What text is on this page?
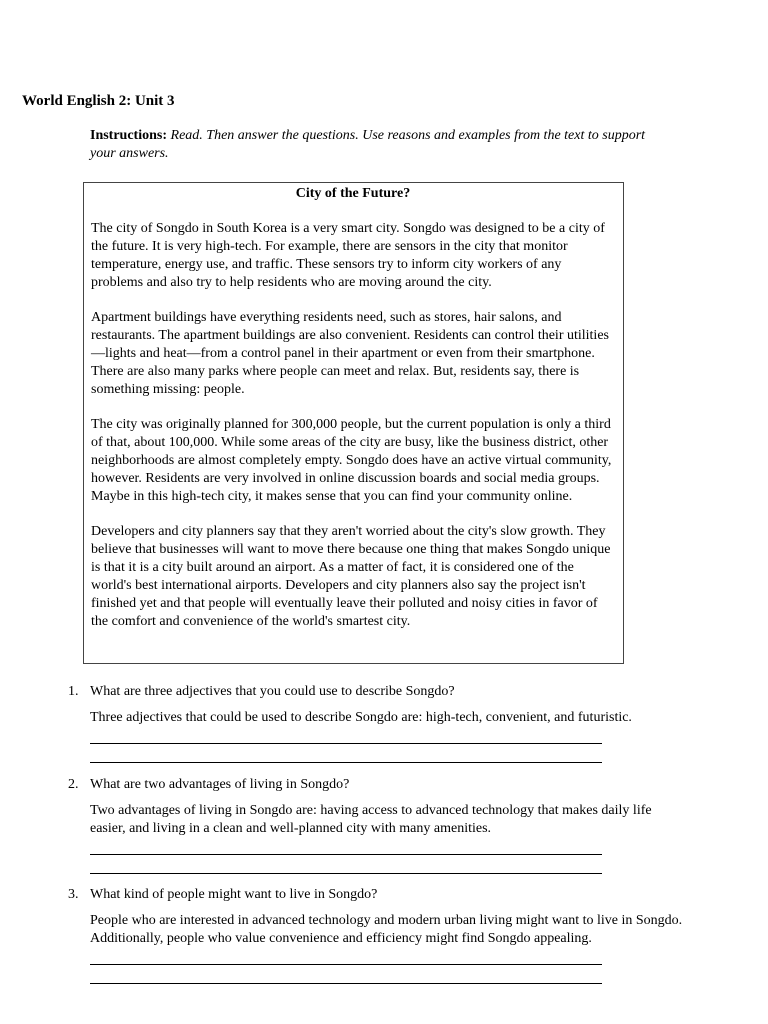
World English 2: Unit 3
Instructions: Read. Then answer the questions. Use reasons and examples from the text to support your answers.
City of the Future?

The city of Songdo in South Korea is a very smart city. Songdo was designed to be a city of the future. It is very high-tech. For example, there are sensors in the city that monitor temperature, energy use, and traffic. These sensors try to inform city workers of any problems and also try to help residents who are moving around the city.

Apartment buildings have everything residents need, such as stores, hair salons, and restaurants. The apartment buildings are also convenient. Residents can control their utilities—lights and heat—from a control panel in their apartment or even from their smartphone. There are also many parks where people can meet and relax. But, residents say, there is something missing: people.

The city was originally planned for 300,000 people, but the current population is only a third of that, about 100,000. While some areas of the city are busy, like the business district, other neighborhoods are almost completely empty. Songdo does have an active virtual community, however. Residents are very involved in online discussion boards and social media groups. Maybe in this high-tech city, it makes sense that you can find your community online.

Developers and city planners say that they aren't worried about the city's slow growth. They believe that businesses will want to move there because one thing that makes Songdo unique is that it is a city built around an airport. As a matter of fact, it is considered one of the world's best international airports. Developers and city planners also say the project isn't finished yet and that people will eventually leave their polluted and noisy cities in favor of the comfort and convenience of the world's smartest city.

1. What are three adjectives that you could use to describe Songdo?
Three adjectives that could be used to describe Songdo are: high-tech, convenient, and futuristic.
2. What are two advantages of living in Songdo?
Two advantages of living in Songdo are: having access to advanced technology that makes daily life easier, and living in a clean and well-planned city with many amenities.
3. What kind of people might want to live in Songdo?
People who are interested in advanced technology and modern urban living might want to live in Songdo. Additionally, people who value convenience and efficiency might find Songdo appealing.
